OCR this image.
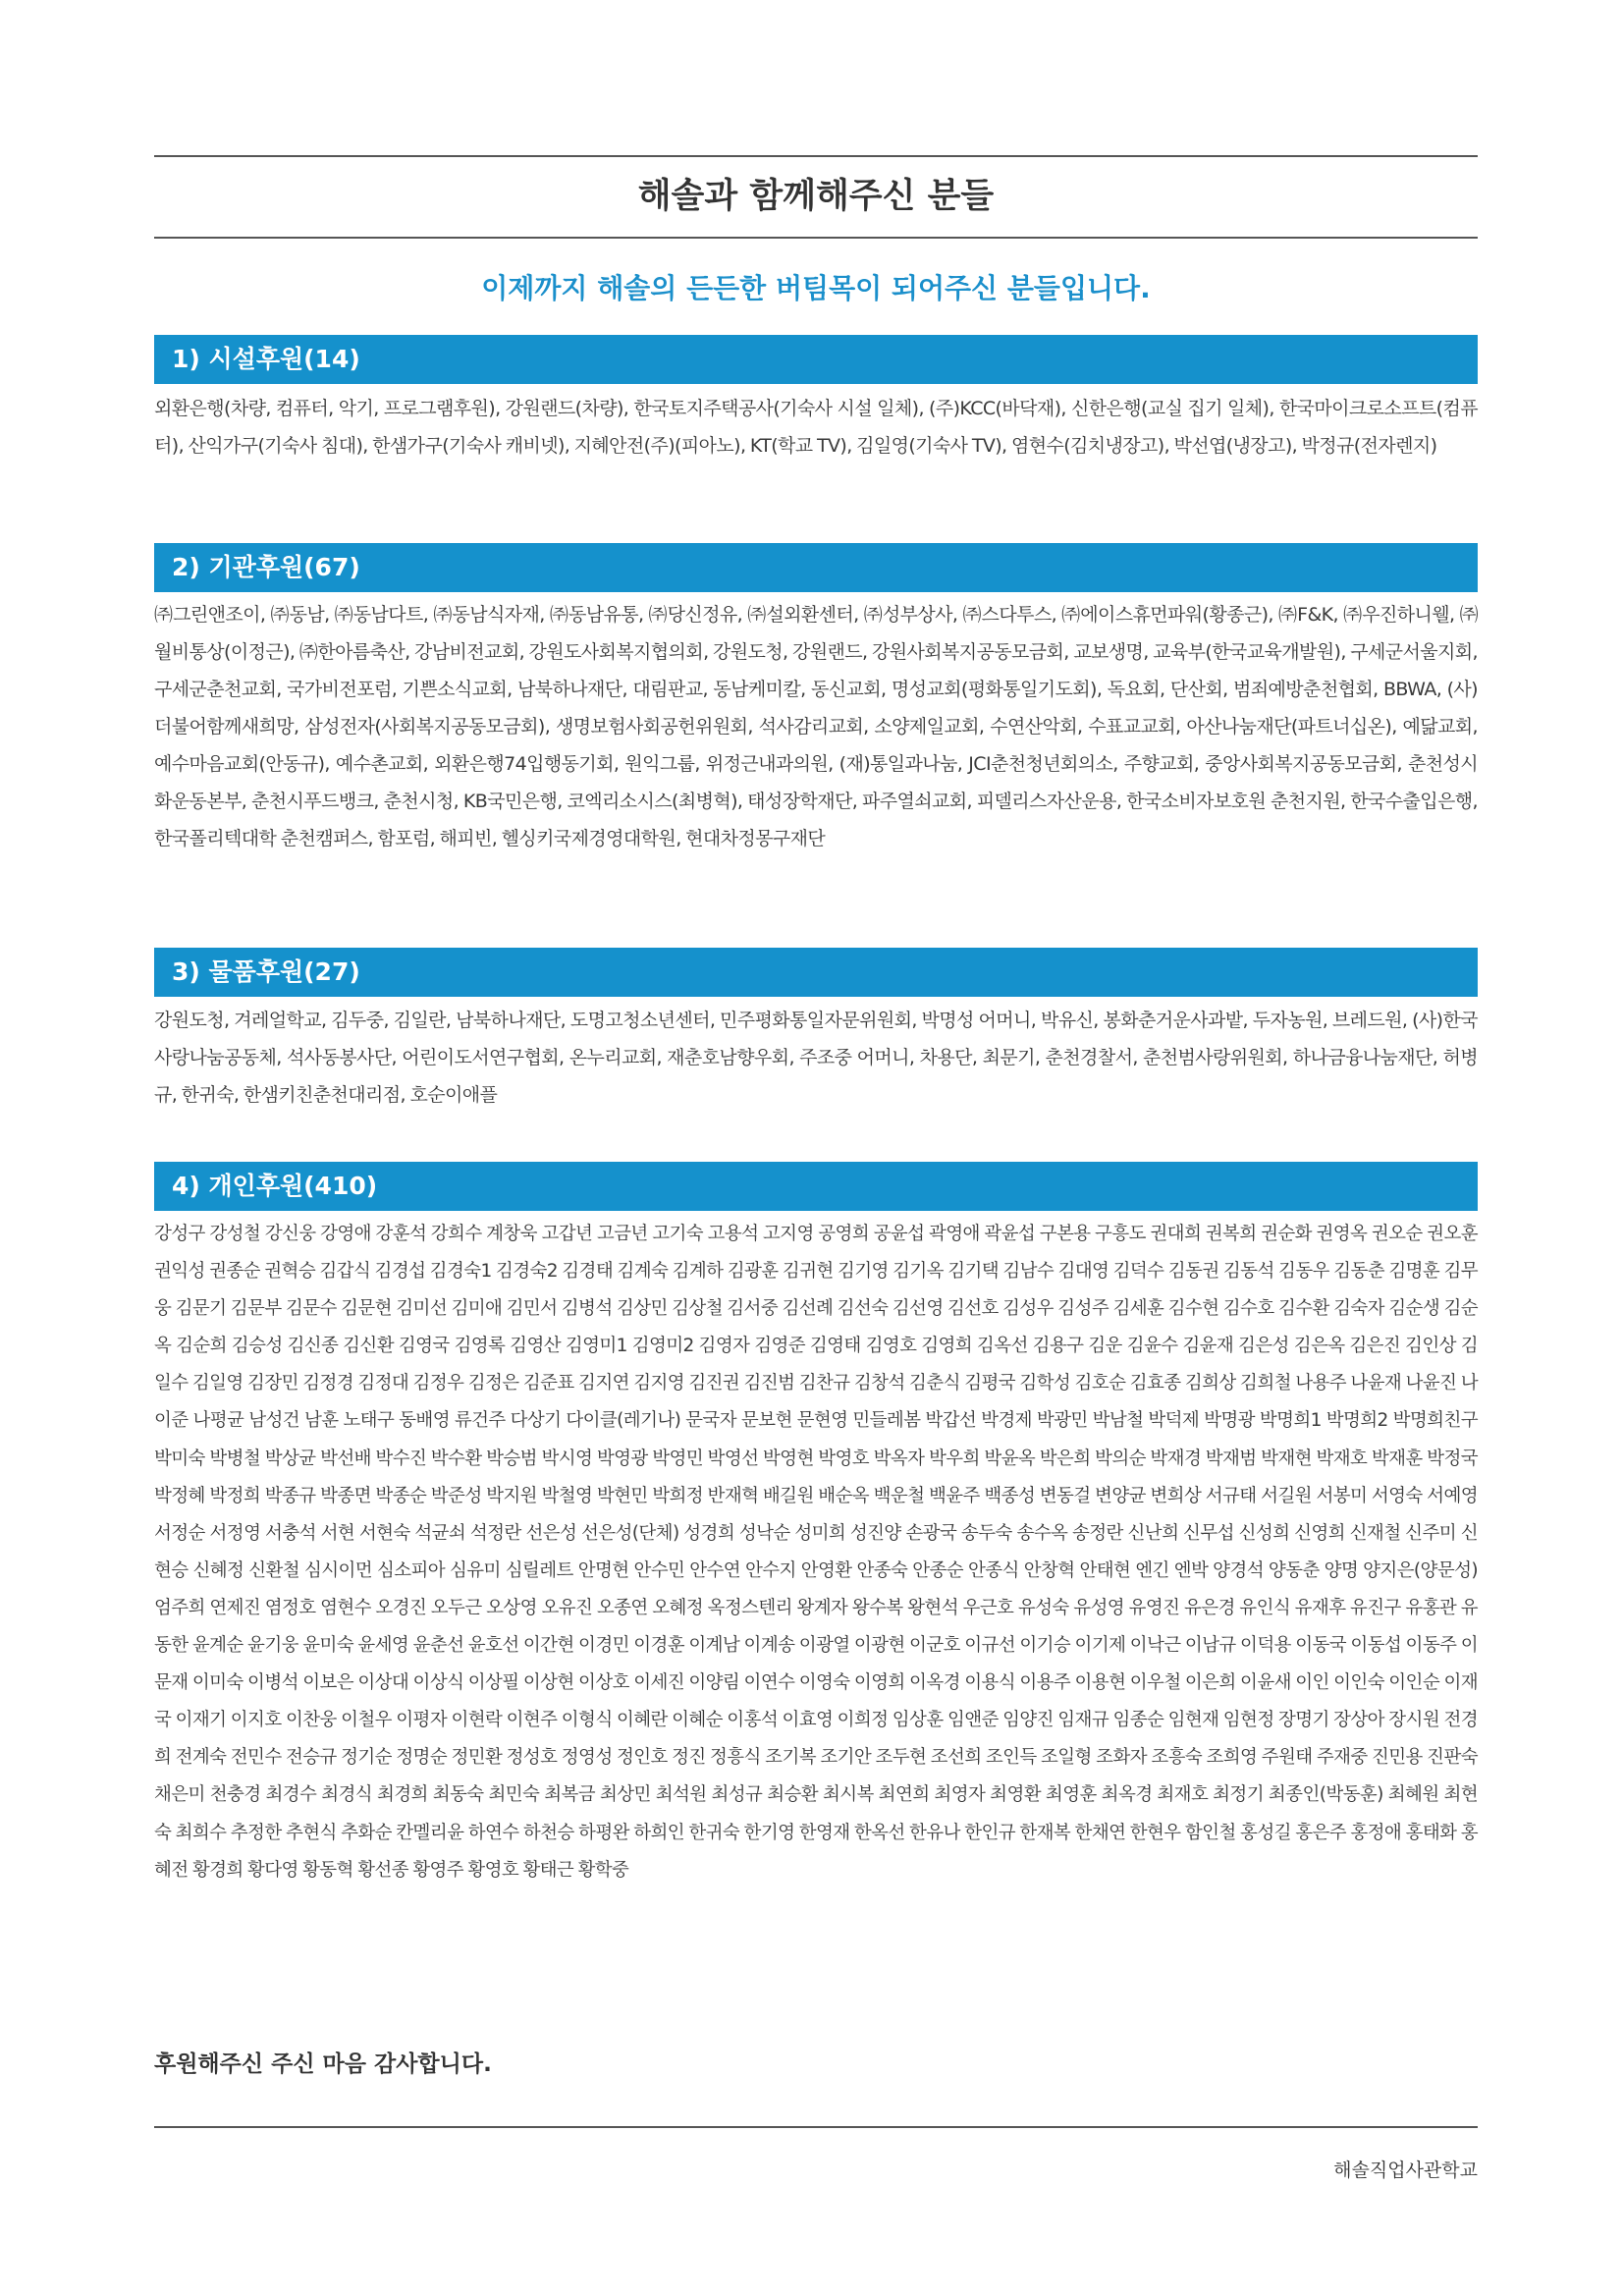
해솔과 함께해주신 분들
이제까지 해솔의 든든한 버팀목이 되어주신 분들입니다.
1) 시설후원(14)

외환은행(차량, 컴퓨터, 악기, 프로그램후원), 강원랜드(차량), 한국토지주택공사(기숙사 시설 일체), (주)KCC(바닥재), 신한은행(교실 집기 일체), 한국마이크로소프트(컴퓨터), 산익가구(기숙사 침대), 한샘가구(기숙사 캐비넷), 지혜안전(주)(피아노), KT(학교 TV), 김일영(기숙사 TV), 염현수(김치냉장고), 박선엽(냉장고), 박정규(전자렌지)

2) 기관후원(67)

㈜그린앤조이, ㈜동남, ㈜동남다트, ㈜동남식자재, ㈜동남유통, ㈜당신정유, ㈜설외환센터, ㈜성부상사, ㈜스다투스, ㈜에이스휴먼파워(황종근), ㈜F&K, ㈜우진하니웰, ㈜월비통상(이정근), ㈜한아름축산, 강남비전교회, 강원도사회복지협의회, 강원도청, 강원랜드, 강원사회복지공동모금회, 교보생명, 교육부(한국교육개발원), 구세군서울지회, 구세군춘천교회, 국가비전포럼, 기쁜소식교회, 남북하나재단, 대림판교, 동남케미칼, 동신교회, 명성교회(평화통일기도회), 독요회, 단산회, 범죄예방춘천협회, BBWA, (사)더불어함께새희망, 삼성전자(사회복지공동모금회), 생명보험사회공헌위원회, 석사감리교회, 소양제일교회, 수연산악회, 수표교교회, 아산나눔재단(파트너십온), 예닮교회, 예수마음교회(안동규), 예수촌교회, 외환은행74입행동기회, 원익그룹, 위정근내과의원, (재)통일과나눔, JCI춘천청년회의소, 주향교회, 중앙사회복지공동모금회, 춘천성시화운동본부, 춘천시푸드뱅크, 춘천시청, KB국민은행, 코엑리소시스(최병혁), 태성장학재단, 파주열쇠교회, 피델리스자산운용, 한국소비자보호원 춘천지원, 한국수출입은행, 한국폴리텍대학 춘천캠퍼스, 함포럼, 해피빈, 헬싱키국제경영대학원, 현대차정몽구재단

3) 물품후원(27)

강원도청, 겨레얼학교, 김두중, 김일란, 남북하나재단, 도명고청소년센터, 민주평화통일자문위원회, 박명성 어머니, 박유신, 봉화춘거운사과밭, 두자농원, 브레드원, (사)한국사랑나눔공동체, 석사동봉사단, 어린이도서연구협회, 온누리교회, 재춘호남향우회, 주조중 어머니, 차용단, 최문기, 춘천경찰서, 춘천범사랑위원회, 하나금융나눔재단, 허병규, 한귀숙, 한샘키친춘천대리점, 호순이애플

4) 개인후원(410)

강성구 강성철 강신웅 강영애 강훈석 강희수 계창욱 고갑년 고금년 고기숙 고용석 고지영 공영희 공윤섭 곽영애 곽윤섭 구본용 구흥도 권대희 권복희 권순화 권영옥 권오순 권오훈 권익성 권종순 권혁승 김갑식 김경섭 김경숙1 김경숙2 김경태 김계숙 김계하 김광훈 김귀현 김기영 김기옥 김기택 김남수 김대영 김덕수 김동권 김동석 김동우 김동춘 김명훈 김무웅 김문기 김문부 김문수 김문현 김미선 김미애 김민서 김병석 김상민 김상철 김서중 김선례 김선숙 김선영 김선호 김성우 김성주 김세훈 김수현 김수호 김수환 김숙자 김순생 김순옥 김순희 김승성 김신종 김신환 김영국 김영록 김영산 김영미1 김영미2 김영자 김영준 김영태 김영호 김영희 김옥선 김용구 김운 김윤수 김윤재 김은성 김은옥 김은진 김인상 김일수 김일영 김장민 김정경 김정대 김정우 김정은 김준표 김지연 김지영 김진권 김진범 김찬규 김창석 김춘식 김평국 김학성 김호순 김효종 김희상 김희철 나용주 나윤재 나윤진 나이준 나평균 남성건 남훈 노태구 동배영 류건주 다상기 다이클(레기나) 문국자 문보현 문현영 민들레봄 박갑선 박경제 박광민 박남철 박덕제 박명광 박명희1 박명희2 박명희친구 박미숙 박병철 박상균 박선배 박수진 박수환 박승범 박시영 박영광 박영민 박영선 박영현 박영호 박옥자 박우희 박윤옥 박은희 박의순 박재경 박재범 박재현 박재호 박재훈 박정국 박정혜 박정희 박종규 박종면 박종순 박준성 박지원 박철영 박현민 박희정 반재혁 배길원 배순옥 백운철 백윤주 백종성 변동걸 변양균 변희상 서규태 서길원 서봉미 서영숙 서예영 서정순 서정영 서충석 서현 서현숙 석균쇠 석정란 선은성 선은성(단체) 성경희 성낙순 성미희 성진양 손광국 송두숙 송수옥 송정란 신난희 신무섭 신성희 신영희 신재철 신주미 신현승 신혜정 신환철 심시이먼 심소피아 심유미 심릴레트 안명현 안수민 안수연 안수지 안영환 안종숙 안종순 안종식 안창혁 안태현 엔긴 엔박 양경석 양동춘 양명 양지은(양문성) 엄주희 연제진 염정호 염현수 오경진 오두근 오상영 오유진 오종연 오혜정 옥정스텐리 왕계자 왕수복 왕현석 우근호 유성숙 유성영 유영진 유은경 유인식 유재후 유진구 유홍관 유동한 윤계순 윤기웅 윤미숙 윤세영 윤춘선 윤호선 이간현 이경민 이경훈 이계남 이계송 이광열 이광현 이군호 이규선 이기승 이기제 이낙근 이남규 이덕용 이동국 이동섭 이동주 이문재 이미숙 이병석 이보은 이상대 이상식 이상필 이상현 이상호 이세진 이양림 이연수 이영숙 이영희 이옥경 이용식 이용주 이용현 이우철 이은희 이윤새 이인 이인숙 이인순 이재국 이재기 이지호 이찬웅 이철우 이평자 이현락 이현주 이형식 이혜란 이혜순 이홍석 이효영 이희정 임상훈 임앤준 임양진 임재규 임종순 임현재 임현정 장명기 장상아 장시원 전경희 전계숙 전민수 전승규 정기순 정명순 정민환 정성호 정영성 정인호 정진 정흥식 조기복 조기안 조두현 조선희 조인득 조일형 조화자 조흥숙 조희영 주원태 주재중 진민용 진판숙 채은미 천충경 최경수 최경식 최경희 최동숙 최민숙 최복금 최상민 최석원 최성규 최승환 최시복 최연희 최영자 최영환 최영훈 최옥경 최재호 최정기 최종인(박동훈) 최혜원 최현숙 최희수 추정한 추현식 추화순 칸멜리윤 하연수 하천승 하평완 하희인 한귀숙 한기영 한영재 한옥선 한유나 한인규 한재복 한채연 한현우 함인철 홍성길 홍은주 홍정애 홍태화 홍혜전 황경희 황다영 황동혁 황선종 황영주 황영호 황태근 황학중

후원해주신 주신 마음 감사합니다.
해솔직업사관학교
